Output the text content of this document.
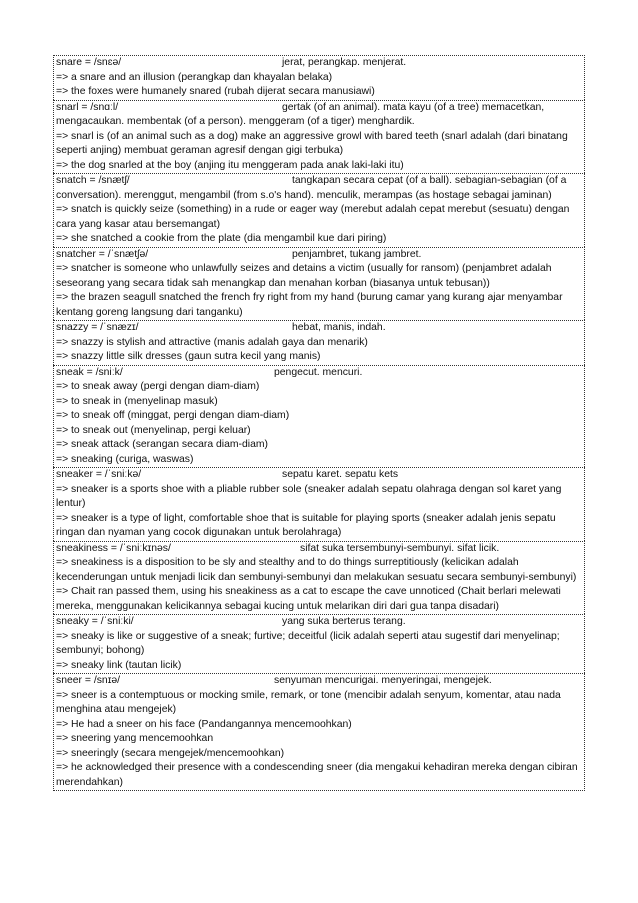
snare = /snɛə/	jerat, perangkap. menjerat.
=> a snare and an illusion (perangkap dan khayalan belaka)
=> the foxes were humanely snared (rubah dijerat secara manusiawi)
snarl = /snɑːl/	gertak (of an animal). mata kayu (of a tree) memacetkan,
mengacaukan. membentak (of a person). menggeram (of a tiger) menghardik.
=> snarl is (of an animal such as a dog) make an aggressive growl with bared teeth (snarl adalah (dari binatang seperti anjing) membuat geraman agresif dengan gigi terbuka)
=> the dog snarled at the boy (anjing itu menggeram pada anak laki-laki itu)
snatch = /snætʃ/	tangkapan secara cepat (of a ball). sebagian-sebagian (of a
conversation). merenggut, mengambil (from s.o's hand). menculik, merampas (as hostage sebagai jaminan)
=> snatch is quickly seize (something) in a rude or eager way (merebut adalah cepat merebut (sesuatu) dengan cara yang kasar atau bersemangat)
=> she snatched a cookie from the plate (dia mengambil kue dari piring)
snatcher = /ˈsnætʃə/	penjambret, tukang jambret.
=> snatcher is someone who unlawfully seizes and detains a victim (usually for ransom) (penjambret adalah seseorang yang secara tidak sah menangkap dan menahan korban (biasanya untuk tebusan))
=> the brazen seagull snatched the french fry right from my hand (burung camar yang kurang ajar menyambar kentang goreng langsung dari tanganku)
snazzy = /ˈsnæzɪ/	hebat, manis, indah.
=> snazzy is stylish and attractive (manis adalah gaya dan menarik)
=> snazzy little silk dresses (gaun sutra kecil yang manis)
sneak = /sniːk/	pengecut. mencuri.
=> to sneak away (pergi dengan diam-diam)
=> to sneak in (menyelinap masuk)
=> to sneak off (minggat, pergi dengan diam-diam)
=> to sneak out (menyelinap, pergi keluar)
=> sneak attack (serangan secara diam-diam)
=> sneaking (curiga, waswas)
sneaker = /ˈsniːkə/	sepatu karet. sepatu kets
=> sneaker is a sports shoe with a pliable rubber sole (sneaker adalah sepatu olahraga dengan sol karet yang lentur)
=> sneaker is a type of light, comfortable shoe that is suitable for playing sports (sneaker adalah jenis sepatu ringan dan nyaman yang cocok digunakan untuk berolahraga)
sneakiness = /ˈsniːkɪnəs/	sifat suka tersembunyi-sembunyi. sifat licik.
=> sneakiness is a disposition to be sly and stealthy and to do things surreptitiously (kelicikan adalah kecenderungan untuk menjadi licik dan sembunyi-sembunyi dan melakukan sesuatu secara sembunyi-sembunyi)
=> Chait ran passed them, using his sneakiness as a cat to escape the cave unnoticed (Chait berlari melewati mereka, menggunakan kelicikannya sebagai kucing untuk melarikan diri dari gua tanpa disadari)
sneaky = /ˈsniːki/	yang suka berterus terang.
=> sneaky is like or suggestive of a sneak; furtive; deceitful (licik adalah seperti atau sugestif dari menyelinap; sembunyi; bohong)
=> sneaky link (tautan licik)
sneer = /snɪə/	senyuman mencurigai. menyeringai, mengejek.
=> sneer is a contemptuous or mocking smile, remark, or tone (mencibir adalah senyum, komentar, atau nada menghina atau mengejek)
=> He had a sneer on his face (Pandangannya mencemoohkan)
=> sneering yang mencemoohkan
=> sneeringly (secara mengejek/mencemoohkan)
=> he acknowledged their presence with a condescending sneer (dia mengakui kehadiran mereka dengan cibiran merendahkan)
